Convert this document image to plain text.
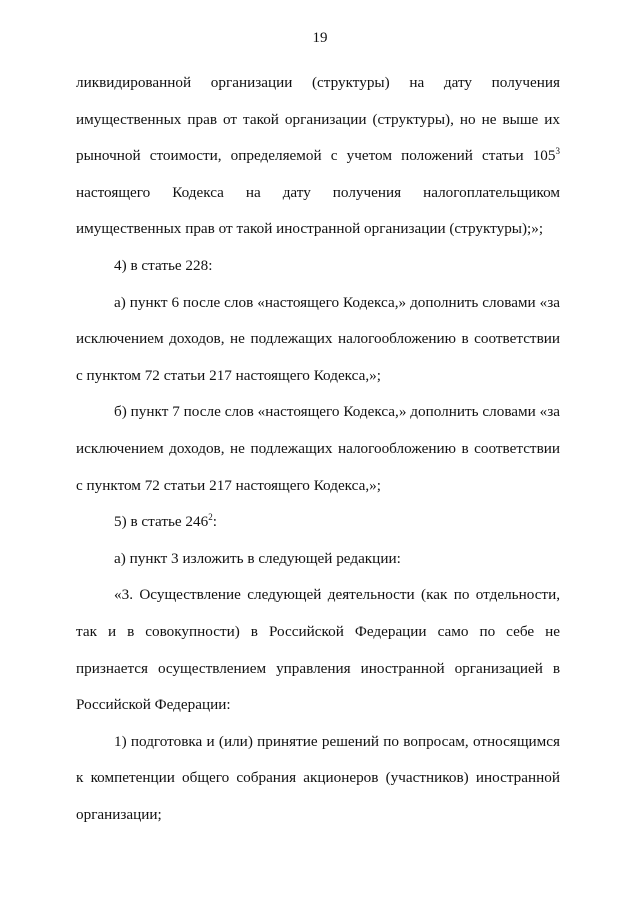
19

ликвидированной организации (структуры) на дату получения имущественных прав от такой организации (структуры), но не выше их рыночной стоимости, определяемой с учетом положений статьи $105^3$ настоящего Кодекса на дату получения налогоплательщиком имущественных прав от такой иностранной организации (структуры);»;

4) в статье 228:

а) пункт 6 после слов «настоящего Кодекса,» дополнить словами «за исключением доходов, не подлежащих налогообложению в соответствии с пунктом 72 статьи 217 настоящего Кодекса,»;

б) пункт 7 после слов «настоящего Кодекса,» дополнить словами «за исключением доходов, не подлежащих налогообложению в соответствии с пунктом 72 статьи 217 настоящего Кодекса,»;

5) в статье $246^2$:

а) пункт 3 изложить в следующей редакции:

«3. Осуществление следующей деятельности (как по отдельности, так и в совокупности) в Российской Федерации само по себе не признается осуществлением управления иностранной организацией в Российской Федерации:

1) подготовка и (или) принятие решений по вопросам, относящимся к компетенции общего собрания акционеров (участников) иностранной организации;
